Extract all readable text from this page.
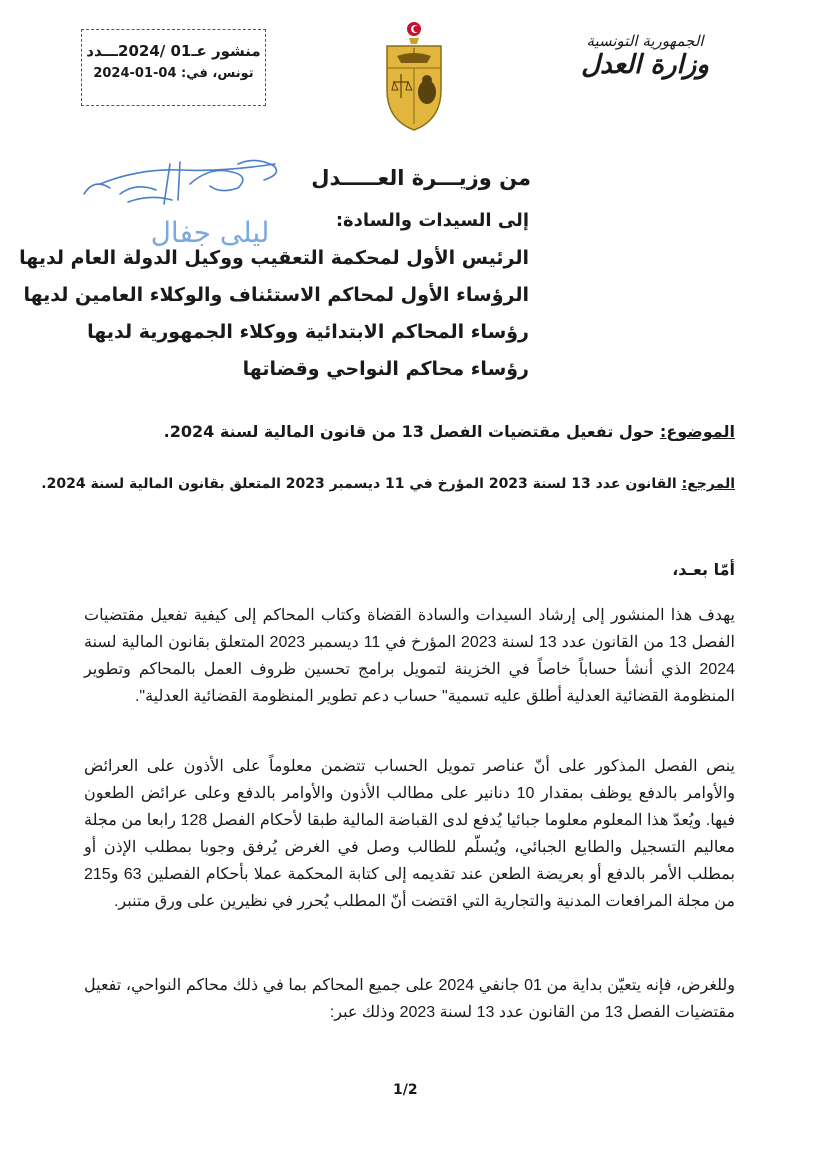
الجمهورية التونسية
وزارة العدل
منشور عـ01 /2024ـــدد
تونس، في: 04-01-2024
ليلى جفال
من وزيـــرة العـــــدل
إلى السيدات والسادة:
الرئيس الأول لمحكمة التعقيب ووكيل الدولة العام لديها
الرؤساء الأول لمحاكم الاستئناف والوكلاء العامين لديها
رؤساء المحاكم الابتدائية ووكلاء الجمهورية لديها
رؤساء محاكم النواحي وقضاتها
الموضوع: حول تفعيل مقتضيات الفصل 13 من قانون المالية لسنة 2024.
المرجع: القانون عدد 13 لسنة 2023 المؤرخ في 11 ديسمبر 2023 المتعلق بقانون المالية لسنة 2024.
أمّا بعـد،
يهدف هذا المنشور إلى إرشاد السيدات والسادة القضاة وكتاب المحاكم إلى كيفية تفعيل مقتضيات الفصل 13 من القانون عدد 13 لسنة 2023 المؤرخ في 11 ديسمبر 2023 المتعلق بقانون المالية لسنة 2024 الذي أنشأ حساباً خاصاً في الخزينة لتمويل برامج تحسين ظروف العمل بالمحاكم وتطوير المنظومة القضائية العدلية أطلق عليه تسمية" حساب دعم تطوير المنظومة القضائية العدلية".
ينص الفصل المذكور على أنّ عناصر تمويل الحساب تتضمن معلوماً على الأذون على العرائض والأوامر بالدفع يوظف بمقدار 10 دنانير على مطالب الأذون والأوامر بالدفع وعلى عرائض الطعون فيها. ويُعدّ هذا المعلوم معلوما جبائيا يُدفع لدى القباضة المالية طبقا لأحكام الفصل 128 رابعا من مجلة معاليم التسجيل والطابع الجبائي، ويُسلّم للطالب وصل في الغرض يُرفق وجوبا بمطلب الإذن أو بمطلب الأمر بالدفع أو بعريضة الطعن عند تقديمه إلى كتابة المحكمة عملا بأحكام الفصلين 63 و215 من مجلة المرافعات المدنية والتجارية التي اقتضت أنّ المطلب يُحرر في نظيرين على ورق متنبر.
وللغرض، فإنه يتعيّن بداية من 01 جانفي 2024 على جميع المحاكم بما في ذلك محاكم النواحي، تفعيل مقتضيات الفصل 13 من القانون عدد 13 لسنة 2023 وذلك عبر:
1/2
